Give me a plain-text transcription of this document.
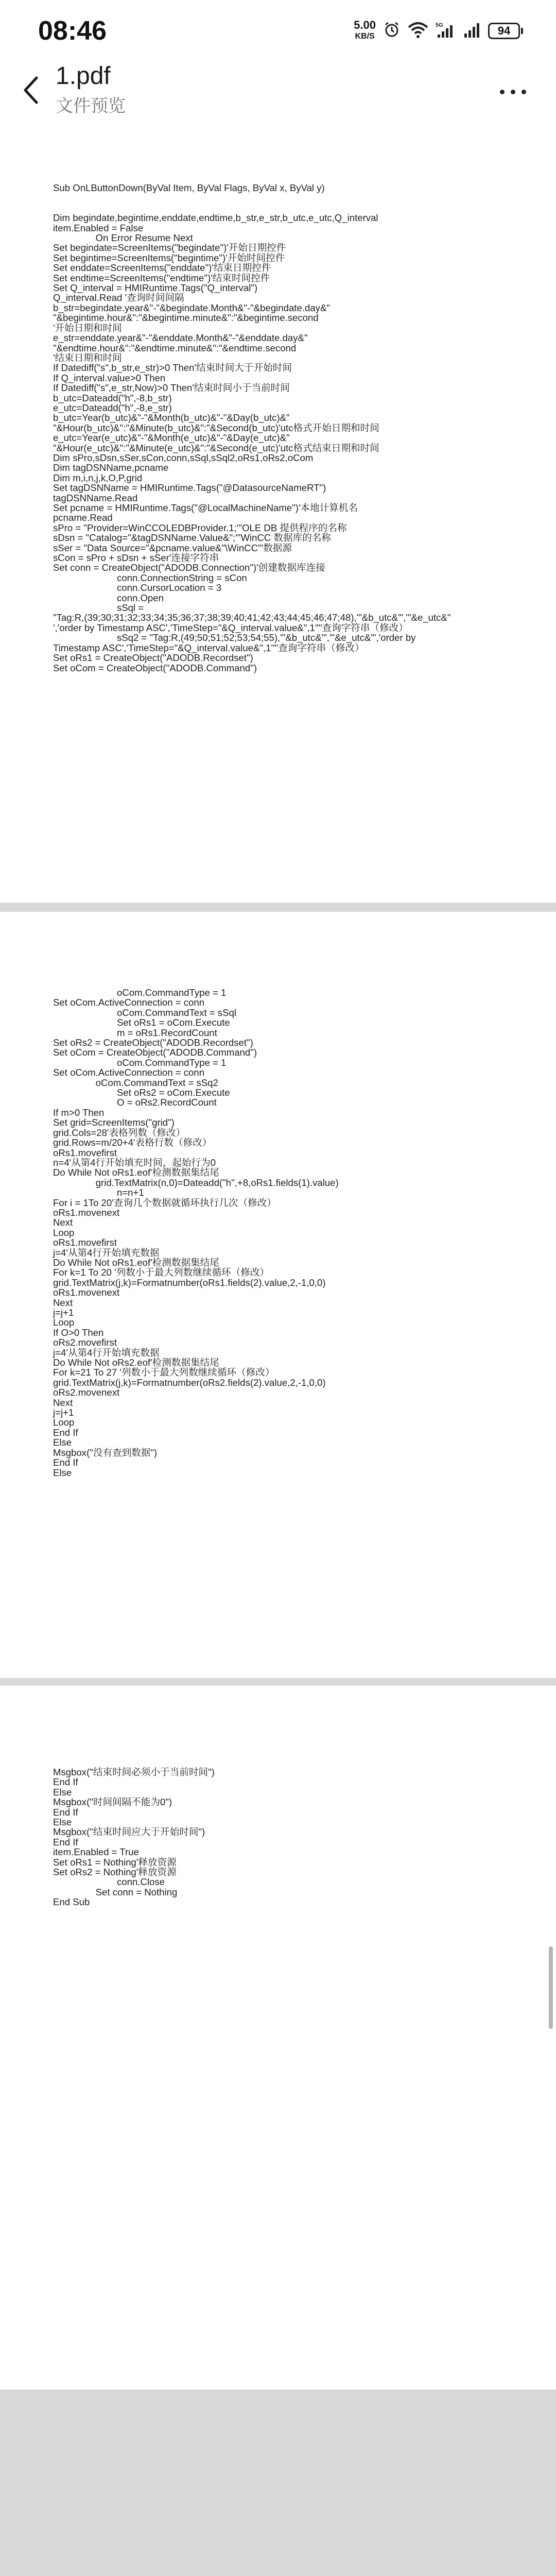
08:46	5.00
KB/S
5G	94
1.pdf
文件预览
Sub OnLButtonDown(ByVal Item, ByVal Flags, ByVal x, ByVal y)

Dim begindate,begintime,enddate,endtime,b_str,e_str,b_utc,e_utc,Q_interval
item.Enabled = False
On Error Resume Next
Set begindate=ScreenItems("begindate")'开始日期控件
Set begintime=ScreenItems("begintime")'开始时间控件
Set enddate=ScreenItems("enddate")'结束日期控件
Set endtime=ScreenItems("endtime")'结束时间控件
Set Q_interval = HMIRuntime.Tags("Q_interval")
Q_interval.Read '查询时间间隔
b_str=begindate.year&"-"&begindate.Month&"-"&begindate.day&"
"&begintime.hour&":"&begintime.minute&":"&begintime.second
'开始日期和时间
e_str=enddate.year&"-"&enddate.Month&"-"&enddate.day&"
"&endtime.hour&":"&endtime.minute&":"&endtime.second
'结束日期和时间
If Datediff("s",b_str,e_str)>0 Then'结束时间大于开始时间
If Q_interval.value>0 Then
If Datediff("s",e_str,Now)>0 Then'结束时间小于当前时间
b_utc=Dateadd("h",-8,b_str)
e_utc=Dateadd("h",-8,e_str)
b_utc=Year(b_utc)&"-"&Month(b_utc)&"-"&Day(b_utc)&"
"&Hour(b_utc)&":"&Minute(b_utc)&":"&Second(b_utc)'utc格式开始日期和时间
e_utc=Year(e_utc)&"-"&Month(e_utc)&"-"&Day(e_utc)&"
"&Hour(e_utc)&":"&Minute(e_utc)&":"&Second(e_utc)'utc格式结束日期和时间
Dim sPro,sDsn,sSer,sCon,conn,sSql,sSql2,oRs1,oRs2,oCom
Dim tagDSNName,pcname
Dim m,i,n,j,k,O,P,grid
Set tagDSNName = HMIRuntime.Tags("@DatasourceNameRT")
tagDSNName.Read
Set pcname = HMIRuntime.Tags("@LocalMachineName")'本地计算机名
pcname.Read
sPro = "Provider=WinCCOLEDBProvider.1;"'OLE DB 提供程序的名称
sDsn = "Catalog="&tagDSNName.Value&";"'WinCC 数据库的名称
sSer = "Data Source="&pcname.value&"\WinCC"'数据源
sCon = sPro + sDsn + sSer'连接字符串
Set conn = CreateObject("ADODB.Connection")'创建数据库连接
conn.ConnectionString = sCon
conn.CursorLocation = 3
conn.Open
sSql =
"Tag:R,(39;30;31;32;33;34;35;36;37;38;39;40;41;42;43;44;45;46;47;48),'"&b_utc&"','"&e_utc&"
','order by Timestamp ASC','TimeStep="&Q_interval.value&",1'"'查询字符串（修改）
sSq2 = "Tag:R,(49;50;51;52;53;54;55),'"&b_utc&"','"&e_utc&"','order by
Timestamp ASC','TimeStep="&Q_interval.value&",1'"'查询字符串（修改）
Set oRs1 = CreateObject("ADODB.Recordset")
Set oCom = CreateObject("ADODB.Command")
oCom.CommandType = 1
Set oCom.ActiveConnection = conn
oCom.CommandText = sSql
Set oRs1 = oCom.Execute
m = oRs1.RecordCount
Set oRs2 = CreateObject("ADODB.Recordset")
Set oCom = CreateObject("ADODB.Command")
oCom.CommandType = 1
Set oCom.ActiveConnection = conn
oCom.CommandText = sSq2
Set oRs2 = oCom.Execute
O = oRs2.RecordCount
If m>0 Then
Set grid=ScreenItems("grid")
grid.Cols=28'表格列数（修改）
grid.Rows=m/20+4'表格行数（修改）
oRs1.movefirst
n=4'从第4行开始填充时间，起始行为0
Do While Not oRs1.eof'检测数据集结尾
grid.TextMatrix(n,0)=Dateadd("h",+8,oRs1.fields(1).value)
n=n+1
For i = 1To 20'查询几个数据就循环执行几次（修改）
oRs1.movenext
Next
Loop
oRs1.movefirst
j=4'从第4行开始填充数据
Do While Not oRs1.eof'检测数据集结尾
For k=1 To 20 '列数小于最大列数继续循环（修改）
grid.TextMatrix(j,k)=Formatnumber(oRs1.fields(2).value,2,-1,0,0)
oRs1.movenext
Next
j=j+1
Loop
If O>0 Then
oRs2.movefirst
j=4'从第4行开始填充数据
Do While Not oRs2.eof'检测数据集结尾
For k=21 To 27 '列数小于最大列数继续循环（修改）
grid.TextMatrix(j,k)=Formatnumber(oRs2.fields(2).value,2,-1,0,0)
oRs2.movenext
Next
j=j+1
Loop
End If
Else
Msgbox("没有查到数据")
End If
Else
Msgbox("结束时间必须小于当前时间")
End If
Else
Msgbox("时间间隔不能为0")
End If
Else
Msgbox("结束时间应大于开始时间")
End If
item.Enabled = True
Set oRs1 = Nothing'释放资源
Set oRs2 = Nothing'释放资源
conn.Close
Set conn = Nothing
End Sub
